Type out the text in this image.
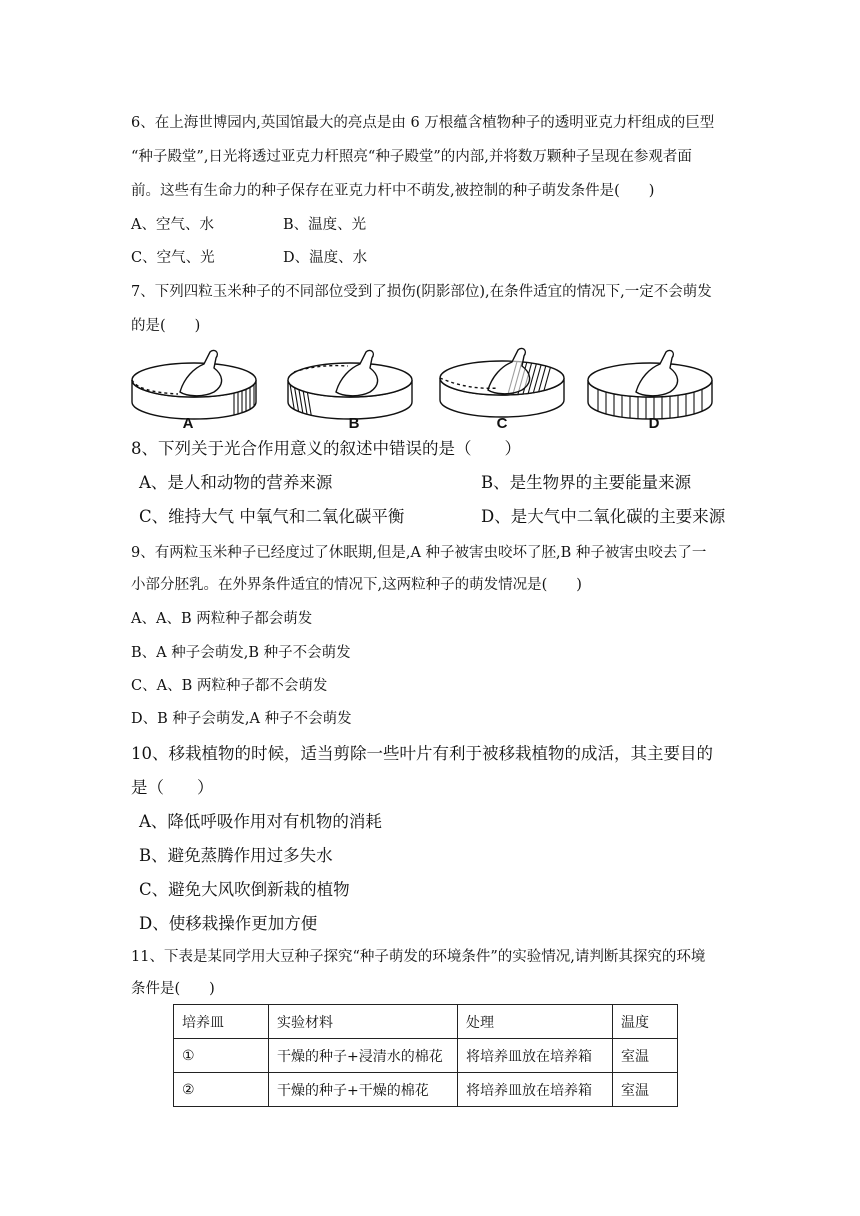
6、在上海世博园内,英国馆最大的亮点是由 6 万根蕴含植物种子的透明亚克力杆组成的巨型
“种子殿堂”,日光将透过亚克力杆照亮“种子殿堂”的内部,并将数万颗种子呈现在参观者面
前。这些有生命力的种子保存在亚克力杆中不萌发,被控制的种子萌发条件是(　　)
A、空气、水	B、温度、光
C、空气、光	D、温度、水
7、下列四粒玉米种子的不同部位受到了损伤(阴影部位),在条件适宜的情况下,一定不会萌发
的是(　　)
A	B	C	D
8、下列关于光合作用意义的叙述中错误的是（　　）
A、是人和动物的营养来源	B、是生物界的主要能量来源
C、维持大气 中氧气和二氧化碳平衡	D、是大气中二氧化碳的主要来源
9、有两粒玉米种子已经度过了休眠期,但是,A 种子被害虫咬坏了胚,B 种子被害虫咬去了一
小部分胚乳。在外界条件适宜的情况下,这两粒种子的萌发情况是(　　)
A、A、B 两粒种子都会萌发
B、A 种子会萌发,B 种子不会萌发
C、A、B 两粒种子都不会萌发
D、B 种子会萌发,A 种子不会萌发
10、移栽植物的时候，适当剪除一些叶片有利于被移栽植物的成活，其主要目的
是（　　）
A、降低呼吸作用对有机物的消耗
B、避免蒸腾作用过多失水
C、避免大风吹倒新栽的植物
D、使移栽操作更加方便
11、下表是某同学用大豆种子探究“种子萌发的环境条件”的实验情况,请判断其探究的环境
条件是(　　)
培养皿	实验材料	处理	温度
①	干燥的种子+浸清水的棉花	将培养皿放在培养箱	室温
②	干燥的种子+干燥的棉花	将培养皿放在培养箱	室温
